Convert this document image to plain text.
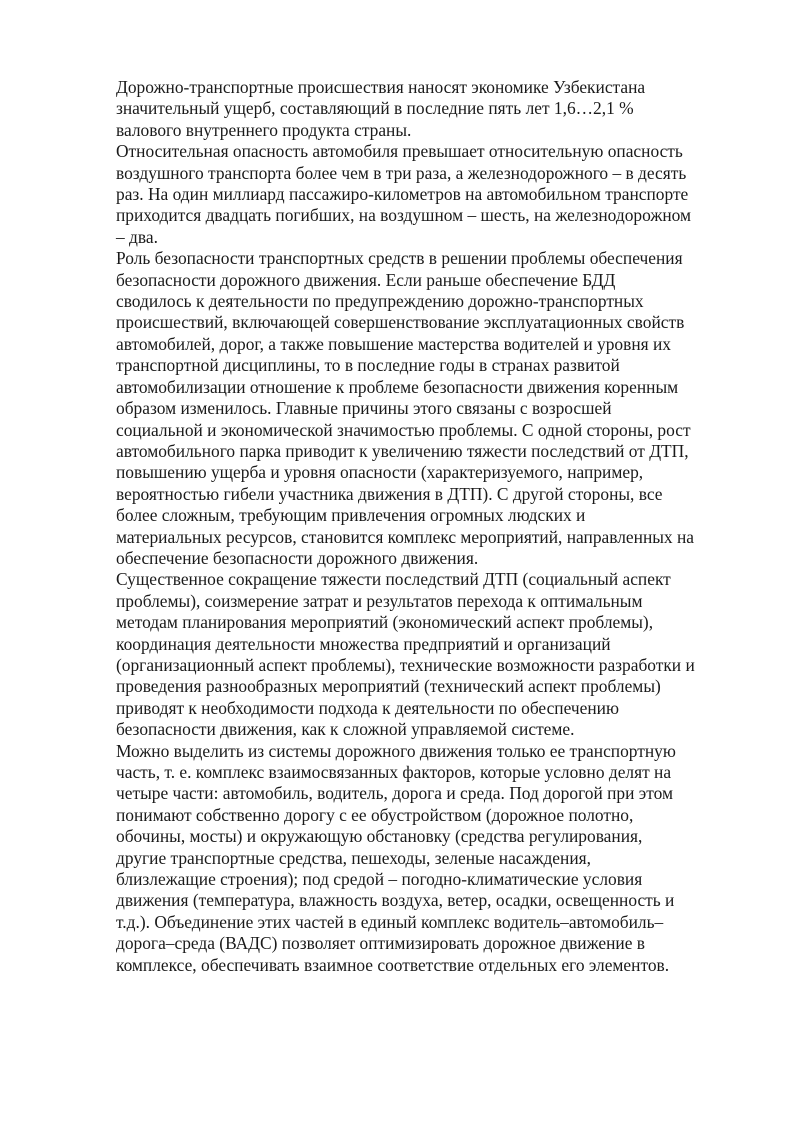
Дорожно-транспортные происшествия наносят экономике Узбекистана
значительный ущерб, составляющий в последние пять лет 1,6…2,1 %
валового внутреннего продукта страны.

Относительная опасность автомобиля превышает относительную опасность
воздушного транспорта более чем в три раза, а железнодорожного – в десять
раз. На один миллиард пассажиро-километров на автомобильном транспорте
приходится двадцать погибших, на воздушном – шесть, на железнодорожном
– два.

Роль безопасности транспортных средств в решении проблемы обеспечения
безопасности дорожного движения. Если раньше обеспечение БДД
сводилось к деятельности по предупреждению дорожно-транспортных
происшествий, включающей совершенствование эксплуатационных свойств
автомобилей, дорог, а также повышение мастерства водителей и уровня их
транспортной дисциплины, то в последние годы в странах развитой
автомобилизации отношение к проблеме безопасности движения коренным
образом изменилось. Главные причины этого связаны с возросшей
социальной и экономической значимостью проблемы. С одной стороны, рост
автомобильного парка приводит к увеличению тяжести последствий от ДТП,
повышению ущерба и уровня опасности (характеризуемого, например,
вероятностью гибели участника движения в ДТП). С другой стороны, все
более сложным, требующим привлечения огромных людских и
материальных ресурсов, становится комплекс мероприятий, направленных на
обеспечение безопасности дорожного движения.

Существенное сокращение тяжести последствий ДТП (социальный аспект
проблемы), соизмерение затрат и результатов перехода к оптимальным
методам планирования мероприятий (экономический аспект проблемы),
координация деятельности множества предприятий и организаций
(организационный аспект проблемы), технические возможности разработки и
проведения разнообразных мероприятий (технический аспект проблемы)
приводят к необходимости подхода к деятельности по обеспечению
безопасности движения, как к сложной управляемой системе.

Можно выделить из системы дорожного движения только ее транспортную
часть, т. е. комплекс взаимосвязанных факторов, которые условно делят на
четыре части: автомобиль, водитель, дорога и среда. Под дорогой при этом
понимают собственно дорогу с ее обустройством (дорожное полотно,
обочины, мосты) и окружающую обстановку (средства регулирования,
другие транспортные средства, пешеходы, зеленые насаждения,
близлежащие строения); под средой – погодно-климатические условия
движения (температура, влажность воздуха, ветер, осадки, освещенность и
т.д.). Объединение этих частей в единый комплекс водитель–автомобиль–
дорога–среда (ВАДС) позволяет оптимизировать дорожное движение в
комплексе, обеспечивать взаимное соответствие отдельных его элементов.
